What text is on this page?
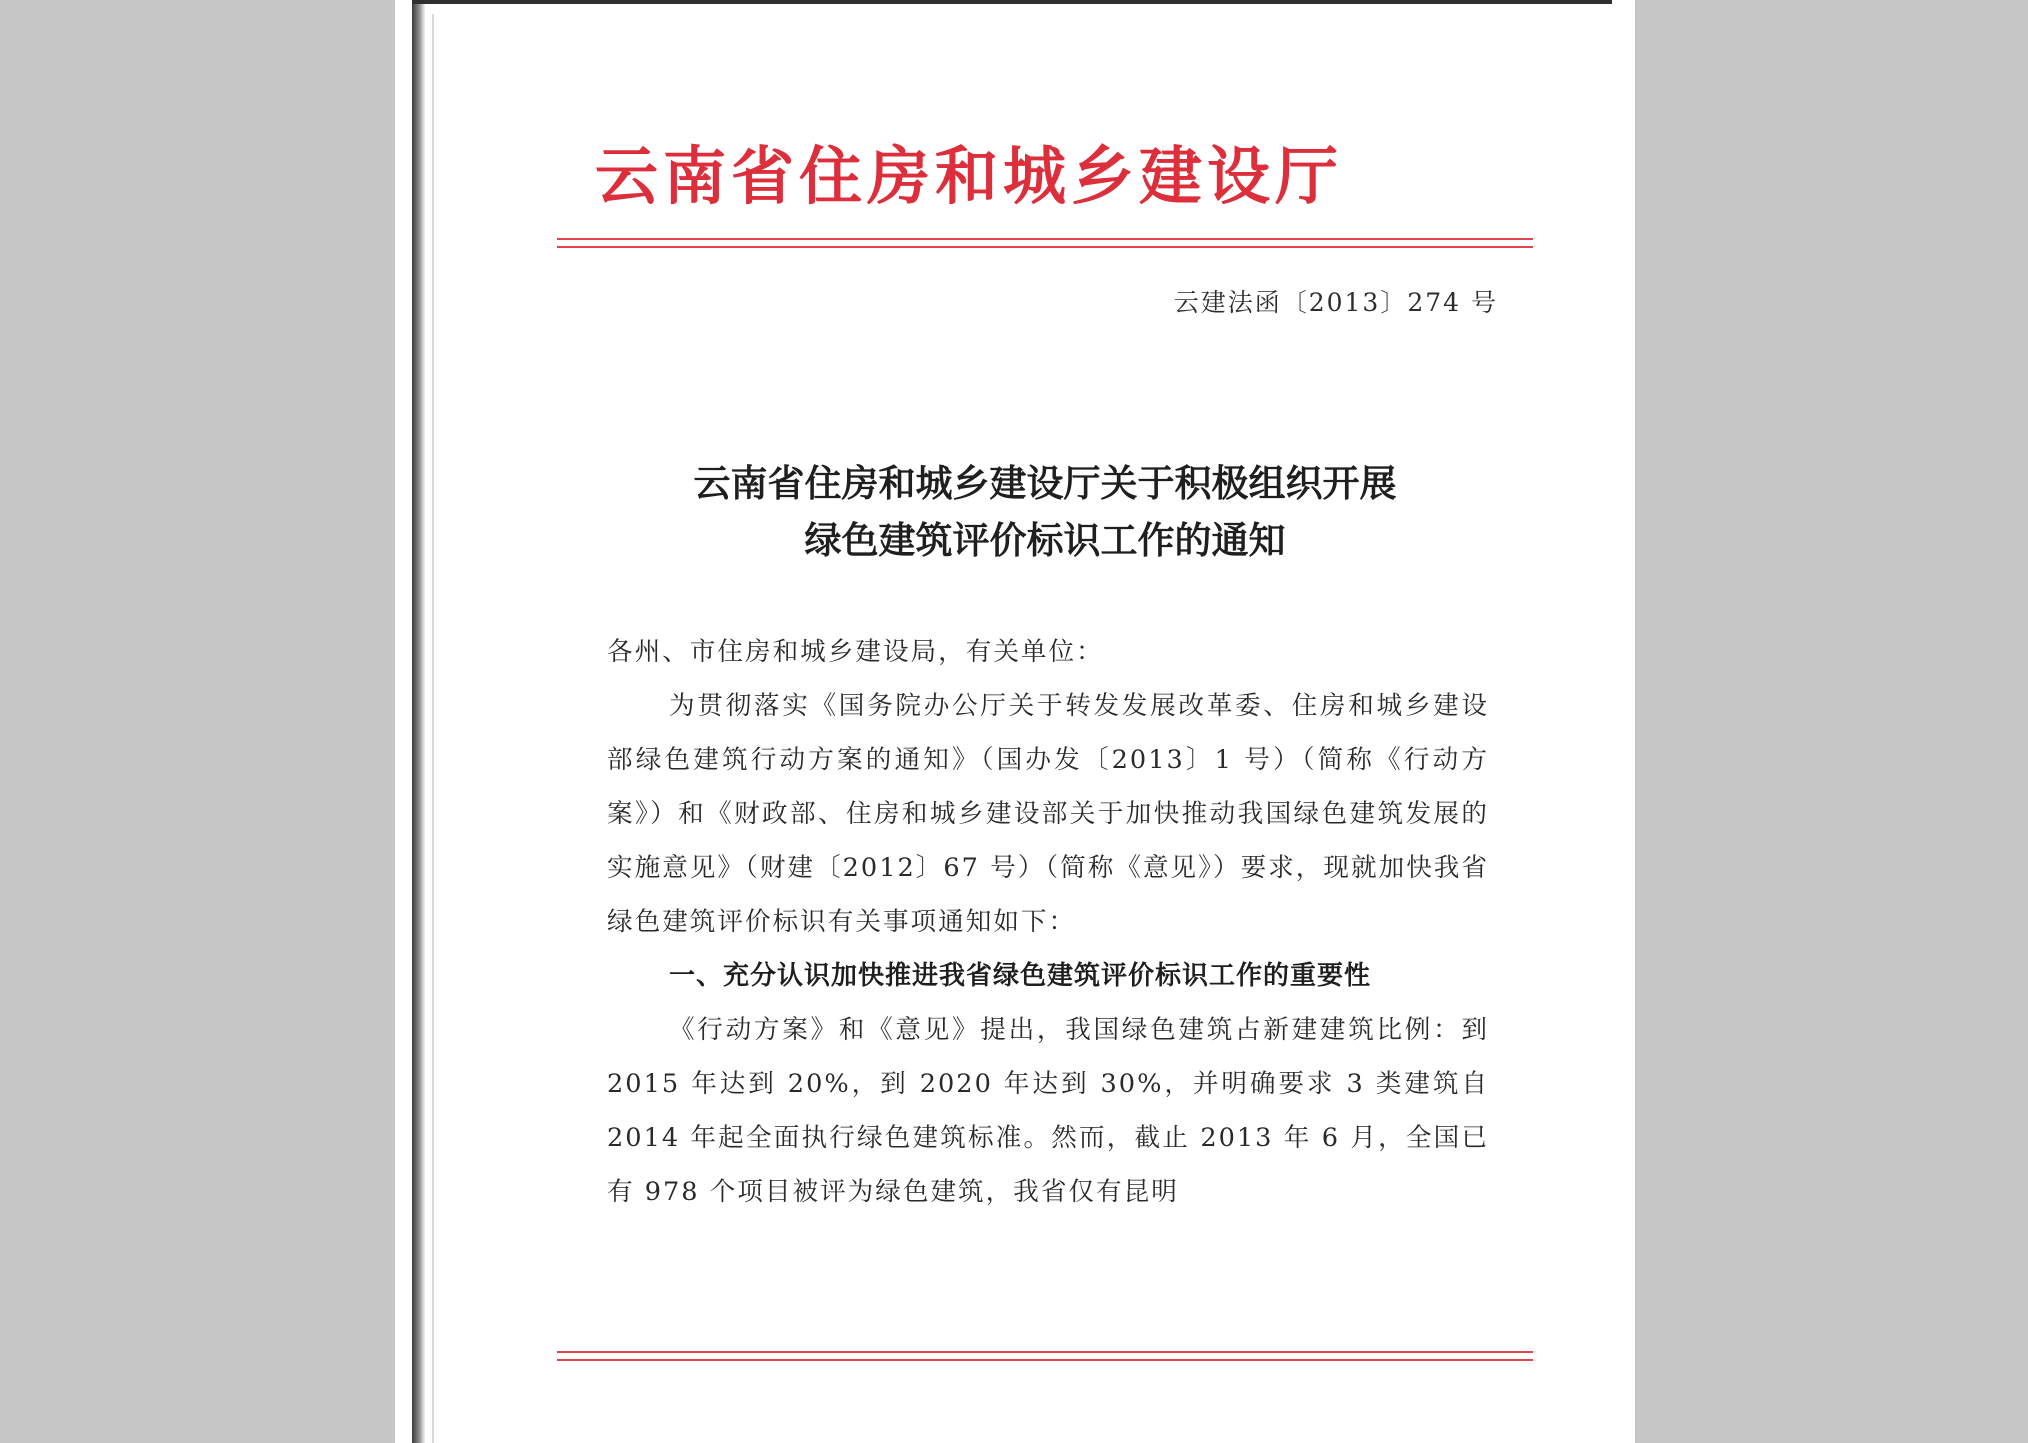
云南省住房和城乡建设厅

云建法函〔2013〕274 号

云南省住房和城乡建设厅关于积极组织开展
绿色建筑评价标识工作的通知

各州、市住房和城乡建设局，有关单位：

为贯彻落实《国务院办公厅关于转发发展改革委、住房和城乡建设部绿色建筑行动方案的通知》（国办发〔2013〕1 号）（简称《行动方案》）和《财政部、住房和城乡建设部关于加快推动我国绿色建筑发展的实施意见》（财建〔2012〕67 号）（简称《意见》）要求，现就加快我省绿色建筑评价标识有关事项通知如下：

一、充分认识加快推进我省绿色建筑评价标识工作的重要性

《行动方案》和《意见》提出，我国绿色建筑占新建建筑比例：到 2015 年达到 20%，到 2020 年达到 30%，并明确要求 3 类建筑自 2014 年起全面执行绿色建筑标准。然而，截止 2013 年 6 月，全国已有 978 个项目被评为绿色建筑，我省仅有昆明
